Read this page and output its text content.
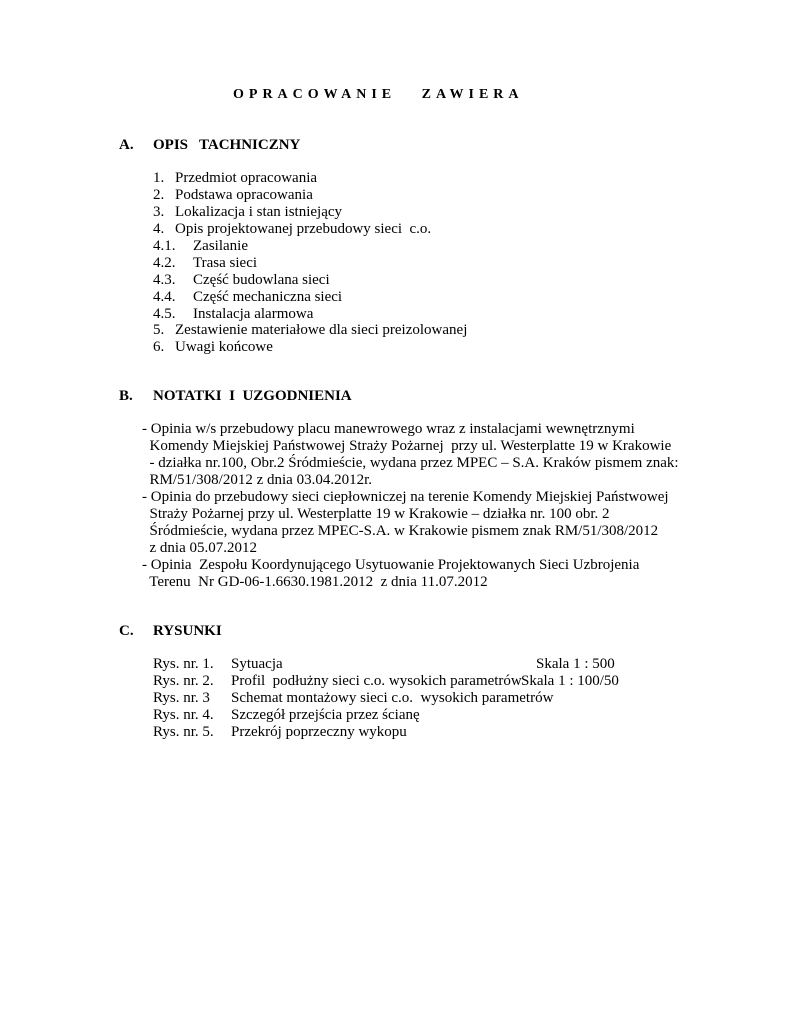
OPRACOWANIE   ZAWIERA
A. OPIS   TACHNICZNY
1. Przedmiot opracowania
2. Podstawa opracowania
3. Lokalizacja i stan istniejący
4. Opis projektowanej przebudowy sieci  c.o.
4.1. Zasilanie
4.2. Trasa sieci
4.3. Część budowlana sieci
4.4. Część mechaniczna sieci
4.5. Instalacja alarmowa
5. Zestawienie materiałowe dla sieci preizolowanej
6. Uwagi końcowe
B. NOTATKI  I  UZGODNIENIA
- Opinia w/s przebudowy placu manewrowego wraz z instalacjami wewnętrznymi
Komendy Miejskiej Państwowej Straży Pożarnej  przy ul. Westerplatte 19 w Krakowie
- działka nr.100, Obr.2 Śródmieście, wydana przez MPEC – S.A. Kraków pismem znak:
RM/51/308/2012 z dnia 03.04.2012r.
- Opinia do przebudowy sieci ciepłowniczej na terenie Komendy Miejskiej Państwowej
Straży Pożarnej przy ul. Westerplatte 19 w Krakowie – działka nr. 100 obr. 2
Śródmieście, wydana przez MPEC-S.A. w Krakowie pismem znak RM/51/308/2012
z dnia 05.07.2012
- Opinia  Zespołu Koordynującego Usytuowanie Projektowanych Sieci Uzbrojenia
Terenu  Nr GD-06-1.6630.1981.2012  z dnia 11.07.2012
C. RYSUNKI
Rys. nr. 1. Sytuacja	Skala 1 : 500
Rys. nr. 2. Profil  podłużny sieci c.o. wysokich parametrów Skala 1 : 100/50
Rys. nr. 3 Schemat montażowy sieci c.o.  wysokich parametrów
Rys. nr. 4. Szczegół przejścia przez ścianę
Rys. nr. 5. Przekrój poprzeczny wykopu
